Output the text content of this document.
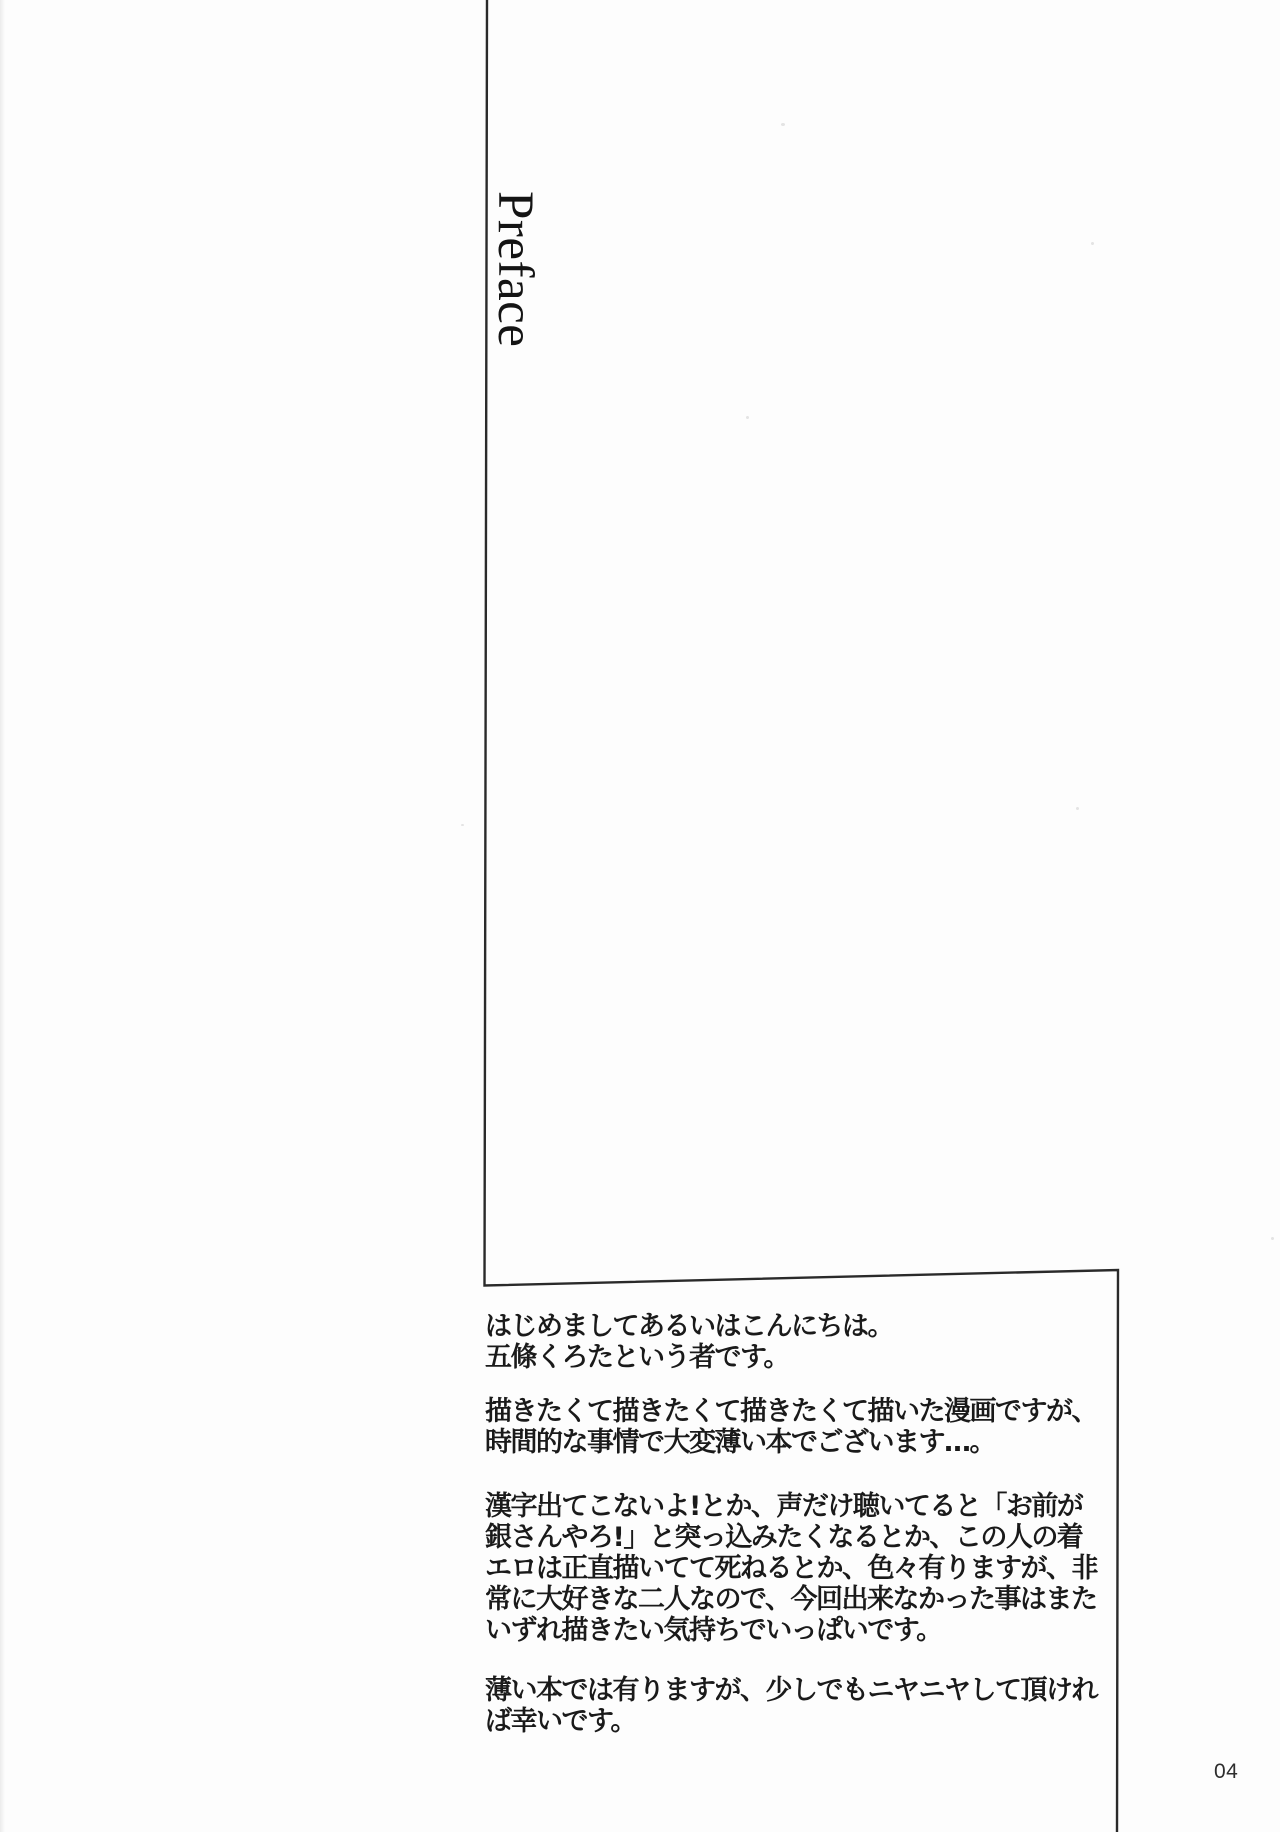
Preface
はじめましてあるいはこんにちは。
五條くろたという者です。
描きたくて描きたくて描きたくて描いた漫画ですが、
時間的な事情で大変薄い本でございます…。
漢字出てこないよ!とか、声だけ聴いてると「お前が
銀さんやろ!」と突っ込みたくなるとか、この人の着
エロは正直描いてて死ねるとか、色々有りますが、非
常に大好きな二人なので、今回出来なかった事はまた
いずれ描きたい気持ちでいっぱいです。
薄い本では有りますが、少しでもニヤニヤして頂けれ
ば幸いです。
04
